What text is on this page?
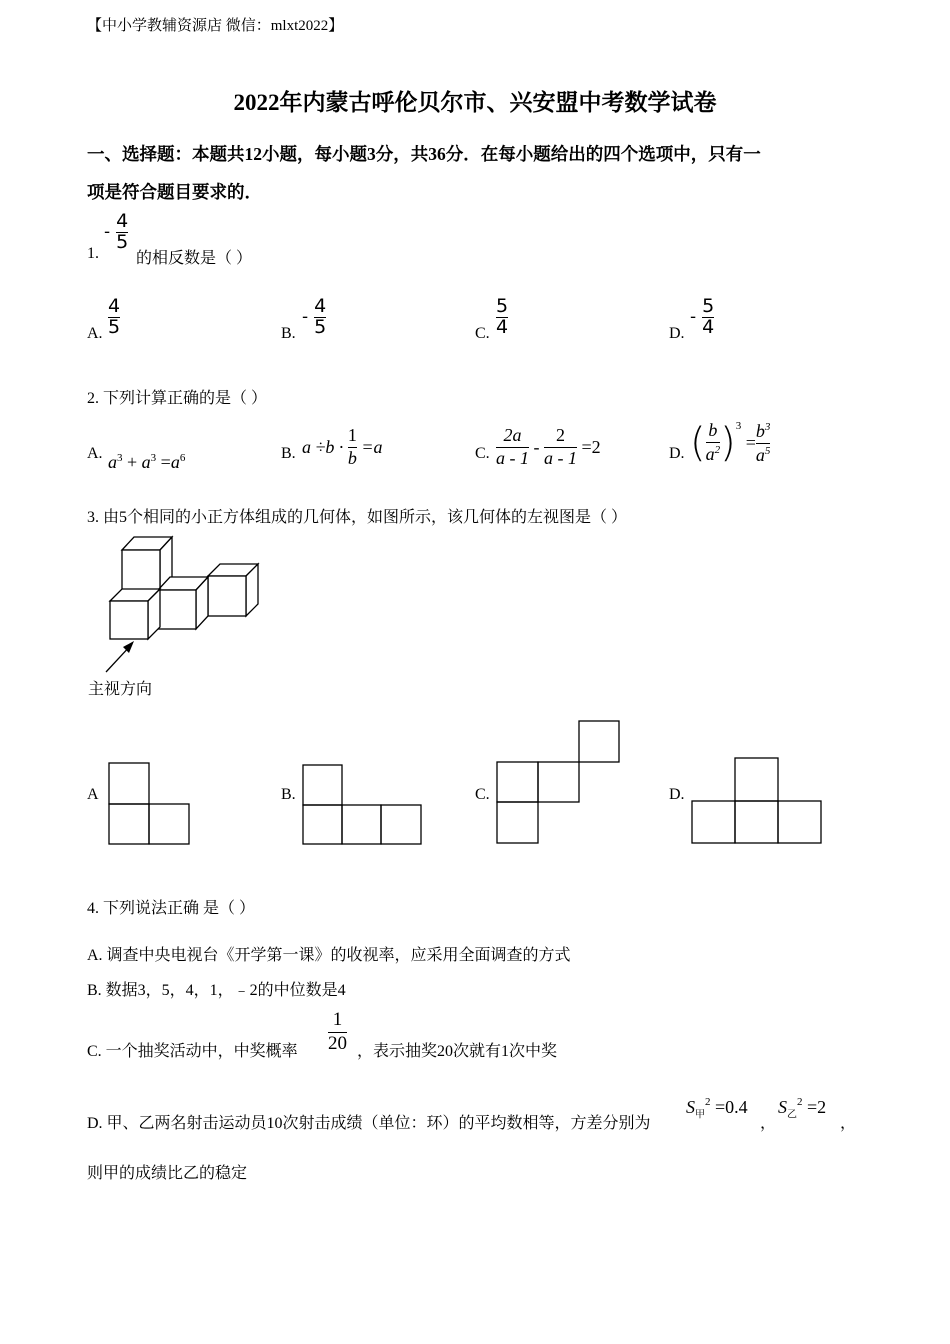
【中小学教辅资源店 微信：mlxt2022】
2022年内蒙古呼伦贝尔市、兴安盟中考数学试卷
一、选择题：本题共12小题，每小题3分，共36分．在每小题给出的四个选项中，只有一
项是符合题目要求的．
1.
- $\frac{4}{5}$
的相反数是（ ）
A. $\frac{4}{5}$	B.
- $\frac{4}{5}$	C. $\frac{5}{4}$	D.
- $\frac{5}{4}$
2. 下列计算正确的是（ ）
A. $a^3 + a^3 =a^6$	B. $a \div b \cdot \frac{1}{b} =a$	C. $\frac{2a}{a - 1} - \frac{2}{a - 1} =2$	D. ( $\frac{b}{a^2} )^3 = \frac{b^3}{a^5}$
3. 由5个相同的小正方体组成的几何体，如图所示，该几何体的左视图是（ ）
主视方向
A	B.	C.	D.
4. 下列说法正确 是（ ）
A. 调查中央电视台《开学第一课》的收视率，应采用全面调查的方式
B. 数据3，5，4，1，﹣2的中位数是4
C. 一个抽奖活动中，中奖概率 $\frac{1}{20}$ ，表示抽奖20次就有1次中奖
D. 甲、乙两名射击运动员10次射击成绩（单位：环）的平均数相等，方差分别为
$S_甲^2 =0.4$
，
$S_乙^2 =2$
，
则甲的成绩比乙的稳定
